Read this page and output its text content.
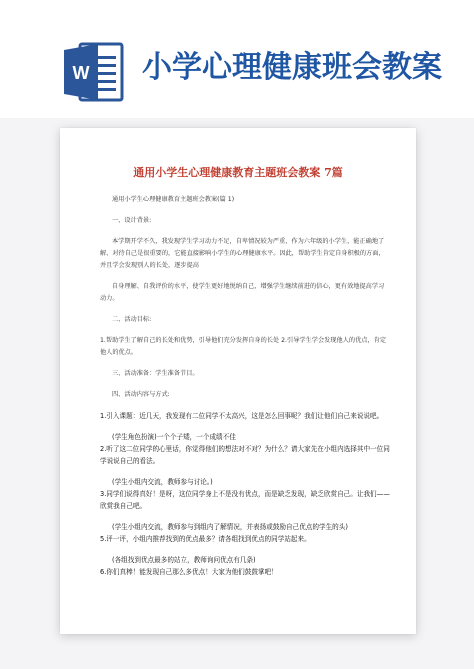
W 小学心理健康班会教案
通用小学生心理健康教育主题班会教案 7篇

通用小学生心理健康教育主题班会教案(篇 1)

一、设计背景:

本学期开学不久，我发现学生学习动力不足，自卑情况较为严重，作为六年级的小学生，能正确地了解、对待自己是很重要的，它能直接影响小学生的心理健康水平。因此，帮助学生肯定自身积极的方面，并且学会发现别人的长处，逐步提高

自身理解、自我评价的水平，使学生更好地悦纳自己，增强学生继续前进的信心，更有效地提高学习动力。

二、活动目标:

1.帮助学生了解自己的长处和优势，引导他们充分发挥自身的长处 2.引导学生学会发现他人的优点，肯定他人的优点。

三、活动准备：学生准备节目。

四、活动内容与方式:

1.引入课题：近几天，我发现有二位同学不太高兴，这是怎么回事呢？我们让他们自己来说说吧。

(学生角色扮演)一个个子矮，一个成绩不佳

2.听了这二位同学的心里话，你觉得他们的想法对不对？为什么？请大家先在小组内选择其中一位同学说说自己的看法。

(学生小组内交流，教师参与讨论。)

3.同学们说得真好！是呀，这位同学身上不是没有优点，而是缺乏发现，缺乏欣赏自己。让我们——欣赏我自己吧。

(学生小组内交流，教师参与到组内了解情况，并表扬或鼓励自己优点的学生的头)

5.评一评，小组内推荐找到的优点最多？请各组找到优点的同学站起来。

(各组找到优点最多的站立，教师询问优点有几条)

6.你们真棒！能发现自己那么多优点！大家为他们鼓鼓掌吧！
